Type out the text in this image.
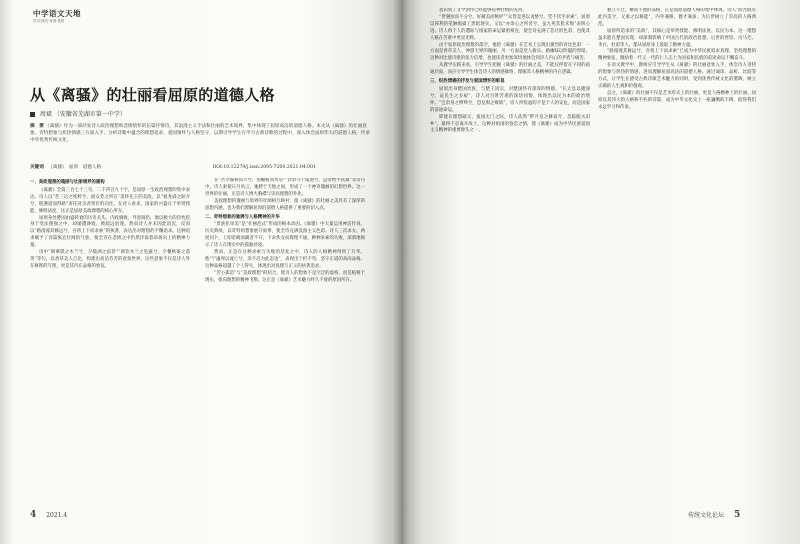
中学语文天地
学习·探究·发现·赏析
从《离骚》的壮丽看屈原的道德人格
周斌 （安徽省芜湖市第一中学）
摘　要 《离骚》作为一部抒发诗人政治理想和悲愤情怀的长篇抒情诗，其浪漫主义手法和壮丽的艺术境界，集中体现了屈原高洁的道德人格。本文从《离骚》的壮丽意象、奇特想象与炽热情感三方面入手，分析诗歌中蕴含的理想追求、爱国情怀与人格坚守，以期引导学生在学习古典诗歌的过程中，深入体会屈原伟大的道德人格，传承中华优秀传统文化。
关键词 《离骚》　屈原　道德人格	DOI:10.12279/j.issn.2095-7260.2021.04.001

一、美政理想的瑰丽与壮丽境界的建构

《离骚》全篇三百七十三句，二千四百九十字，是屈原一生政治理想的集中表达。诗人以“昔三后之纯粹兮，固众芳之所在”追怀先王的美政，以“彼尧舜之耿介兮，既遵道而得路”寄托对圣君贤臣的向往。在诗人看来，国家的兴盛在于举贤授能、修明法度，这正是屈原美政理想的核心所在。

屈原身处楚国由盛转衰的历史关头，内政腐败，外患频仍，他以极大的热忱投身于变法图强之中，却屡遭谗毁、被疏远放逐。然而诗人并未因此消沉，反而以“路漫漫其修远兮，吾将上下而求索”的执著，表达出对理想的不懈追求。这种追求赋予了诗篇恢宏壮阔的气象，使全诗在悲愤之中仍然洋溢着昂扬向上的精神力量。

诗中“朝搴阰之木兰兮，夕揽洲之宿莽”“朝饮木兰之坠露兮，夕餐秋菊之落英”等句，以香草美人自比，构建出高洁芬芳的意象世界。这些意象不仅是诗人外在修饰的写照，更是其内在品格的象征。

在“吾令羲和弭节兮，望崦嵫而勿迫”“饮余马于咸池兮，总余辔乎扶桑”等诗句中，诗人驱使日月风云，驰骋于天地之间，形成了一个神奇瑰丽的幻想世界。这一世界的壮丽，正是诗人博大胸襟与崇高理想的外化。

美政理想的瑰丽与境界的壮阔相互映衬，使《离骚》的壮丽之美具有了深厚的思想内涵，也为我们理解屈原的道德人格提供了重要的切入点。

二、奇特想象的驰骋与人格精神的升华

“贵族化审美”是“壮丽范式”形成的根本动因。《离骚》中大量运用神话传说、历史典故，以奇特的想象展开叙事，使全诗充满浪漫主义色彩。诗人三次求女、两度问卜，上叩帝阍而阍者不开，下求佚女而媒理不通，种种求索的失败，深刻地揭示了诗人在现实中的孤独处境。

然而，正是在这种求索与失败的反复之中，诗人的人格精神得到了升华。他“宁溘死以流亡兮，余不忍为此态也”，表现出宁折不弯、坚守正道的高尚品格。这种品格超越了个人得失，体现出对真理与正义的执著追求。

“苦心孤诣”与“美政理想”的结合，使诗人的想象不是空泛的虚构，而是植根于现实、指向理想的精神飞翔，这正是《离骚》艺术魅力经久不衰的原因所在。

4 2021.4

意识到了文学创作已经能够借物抒情的先河。

“世溷浊而不分兮，好蔽美而嫉妒”“众皆竞进以贪婪兮，凭不厌乎求索”，屈原以犀利的笔触揭露了黑暗现实，又以“亦余心之所善兮，虽九死其犹未悔”表明心迹。诗人将个人的遭际与国家的命运紧密相连，使全诗充满了悲壮的色彩，也使其人格在苦难中更显光辉。

由于屈原政治理想的落空，他的《离骚》在艺术上呈现出强烈的对比色彩：一方面是香草美人、神游天界的瑰丽，另一方面是党人偷乐、路幽昧以险隘的黑暗。这种对比使诗歌的张力倍增，也使读者更加深切地体会到诗人内心的矛盾与痛苦。

从教学实践来看，引导学生把握《离骚》的壮丽之美，不能仅停留在字词的疏通层面，而应引导学生体会诗人的情感脉络，理解其人格精神的内在逻辑。

三、炽热情感的抒发与爱国情怀的彰显

屈原出身楚国贵族，与楚王同宗，对楚国怀有深厚的情感。“长太息以掩涕兮，哀民生之多艰”，诗人对百姓苦难的深切同情，体现出以民为本的政治情怀。“岂余身之惮殃兮，恐皇舆之败绩”，诗人所忧虑的不是个人的安危，而是国家的前途命运。

即使在理想破灭、报国无门之际，诗人依然“陟升皇之赫戏兮，忽临睨夫旧乡”，最终不忍离开故土。这种对祖国的眷恋之情，使《离骚》成为中华民族爱国主义精神的重要源头之一。

独立不迁、横而不流的品格，正是屈原道德人格的集中体现。诗人“纷吾既有此内美兮，又重之以修能”，内外兼修，德才兼备，为后世树立了崇高的人格典范。

屈原所追求的“美政”，其核心是举贤授能、修明法度、以民为本。这一理想虽未能在楚国实现，却深刻影响了中国古代的政治思想。后世的贾谊、司马迁、李白、杜甫等人，都从屈原身上汲取了精神力量。

“路漫漫其修远兮，吾将上下而求索”已成为中华民族追求真理、坚持理想的精神象征，激励着一代又一代的仁人志士为国家和民族的前途命运不懈奋斗。

在语文教学中，教师应引导学生从《离骚》的壮丽意象入手，体会诗人奇特的想象与炽热的情感，进而理解屈原高洁的道德人格。通过诵读、品析、比较等方式，让学生在感受古典诗歌艺术魅力的同时，受到优秀传统文化的熏陶，树立正确的人生观和价值观。

总之，《离骚》的壮丽不仅是艺术形式上的壮丽，更是人格精神上的壮丽。屈原以其伟大的人格和不朽的诗篇，成为中华文化史上一座巍峨的丰碑，值得我们永远学习和传承。

传统文化论坛 5
